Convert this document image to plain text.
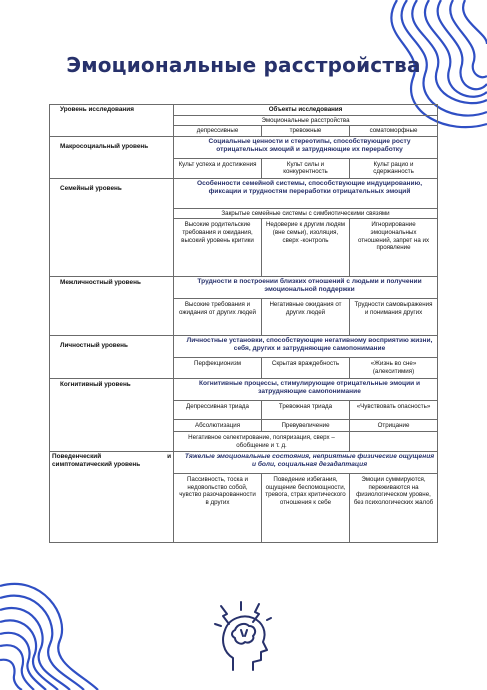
Эмоциональные расстройства
Уровень исследования	Объекты исследования		
	Эмоциональные расстройства		
	депрессивные	тревожные	соматоморфные
Макросоциальный уровень	Социальные ценности и стереотипы, способствующие росту отрицательных эмоций и затрудняющие их переработку		
	Культ успеха и достижения	Культ силы и конкурентность	Культ рацио и сдержанность
Семейный уровень	Особенности семейной системы, способствующие индуцированию, фиксации и трудностям переработки отрицательных эмоций		
	Закрытые семейные системы с симбиотическими связями		
	Высокие родительские требования и ожидания, высокий уровень критики	Недоверие к другим людям (вне семьи), изоляция, сверх -контроль	Игнорирование эмоциональных отношений, запрет на их проявление
Межличностный уровень	Трудности в построении близких отношений с людьми и получении эмоциональной поддержки		
	Высокие требования и ожидания от других людей	Негативные ожидания от других людей	Трудности самовыражения и понимания других
Личностный уровень	Личностные установки, способствующие негативному восприятию жизни, себя, других и затрудняющие самопонимание		
	Перфекционизм	Скрытая враждебность	«Жизнь во сне» (алекситимия)
Когнитивный уровень	Когнитивные процессы, стимулирующие отрицательные эмоции и затрудняющие самопонимание		
	Депрессивная триада	Тревожная триада	«Чувствовать опасность»
	Абсолютизация	Превувеличение	Отрицание
	Негативное селектирование, поляризация, сверх – обобщение и т. д.		

Поведенческий и
симптоматический уровень	Тяжелые эмоциональные состояния, неприятные физические ощущения и боли, социальная дезадаптация		
	Пассивность, тоска и недовольство собой, чувство разочарованности в других	Поведение избегания, ощущение беспомощности, тревога, страх критического отношения к себе	Эмоции суммируются, переживаются на физиологическом уровне, без психологических жалоб
